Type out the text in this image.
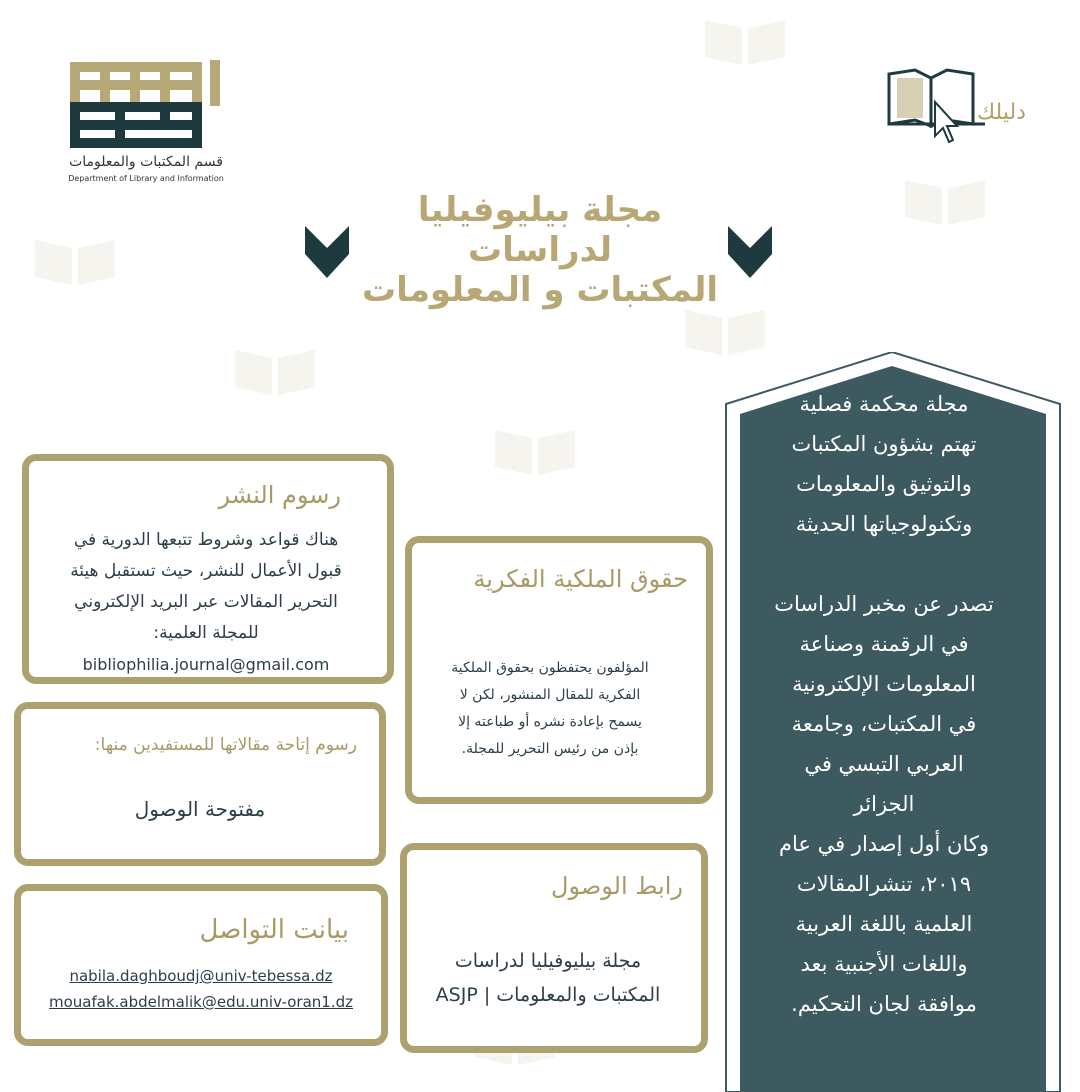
قسم المكتبات والمعلومات
Department of Library and Information
دليلك
مجلة بيليوفيليا لدراسات
المكتبات و المعلومات

مجلة محكمة فصلية

تهتم بشؤون المكتبات

والتوثيق والمعلومات

وتكنولوجياتها الحديثة

تصدر عن مخبر الدراسات

في الرقمنة وصناعة

المعلومات الإلكترونية

في المكتبات، وجامعة

العربي التبسي في

الجزائر

وكان أول إصدار في عام

٢٠١٩، تنشرالمقالات

العلمية باللغة العربية

واللغات الأجنبية بعد

موافقة لجان التحكيم.

رسوم النشر
هناك قواعد وشروط تتبعها الدورية في
قبول الأعمال للنشر، حيث تستقبل هيئة
التحرير المقالات عبر البريد الإلكتروني
للمجلة العلمية:
bibliophilia.journal@gmail.com
حقوق الملكية الفكرية
المؤلفون يحتفظون بحقوق الملكية
الفكرية للمقال المنشور، لكن لا
يسمح بإعادة نشره أو طباعته إلا
بإذن من رئيس التحرير للمجلة.
رسوم إتاحة مقالاتها للمستفيدين منها:
مفتوحة الوصول
رابط الوصول
مجلة بيليوفيليا لدراسات
المكتبات والمعلومات | ASJP
بيانت التواصل
nabila.daghboudj@univ-tebessa.dz
mouafak.abdelmalik@edu.univ-oran1.dz
